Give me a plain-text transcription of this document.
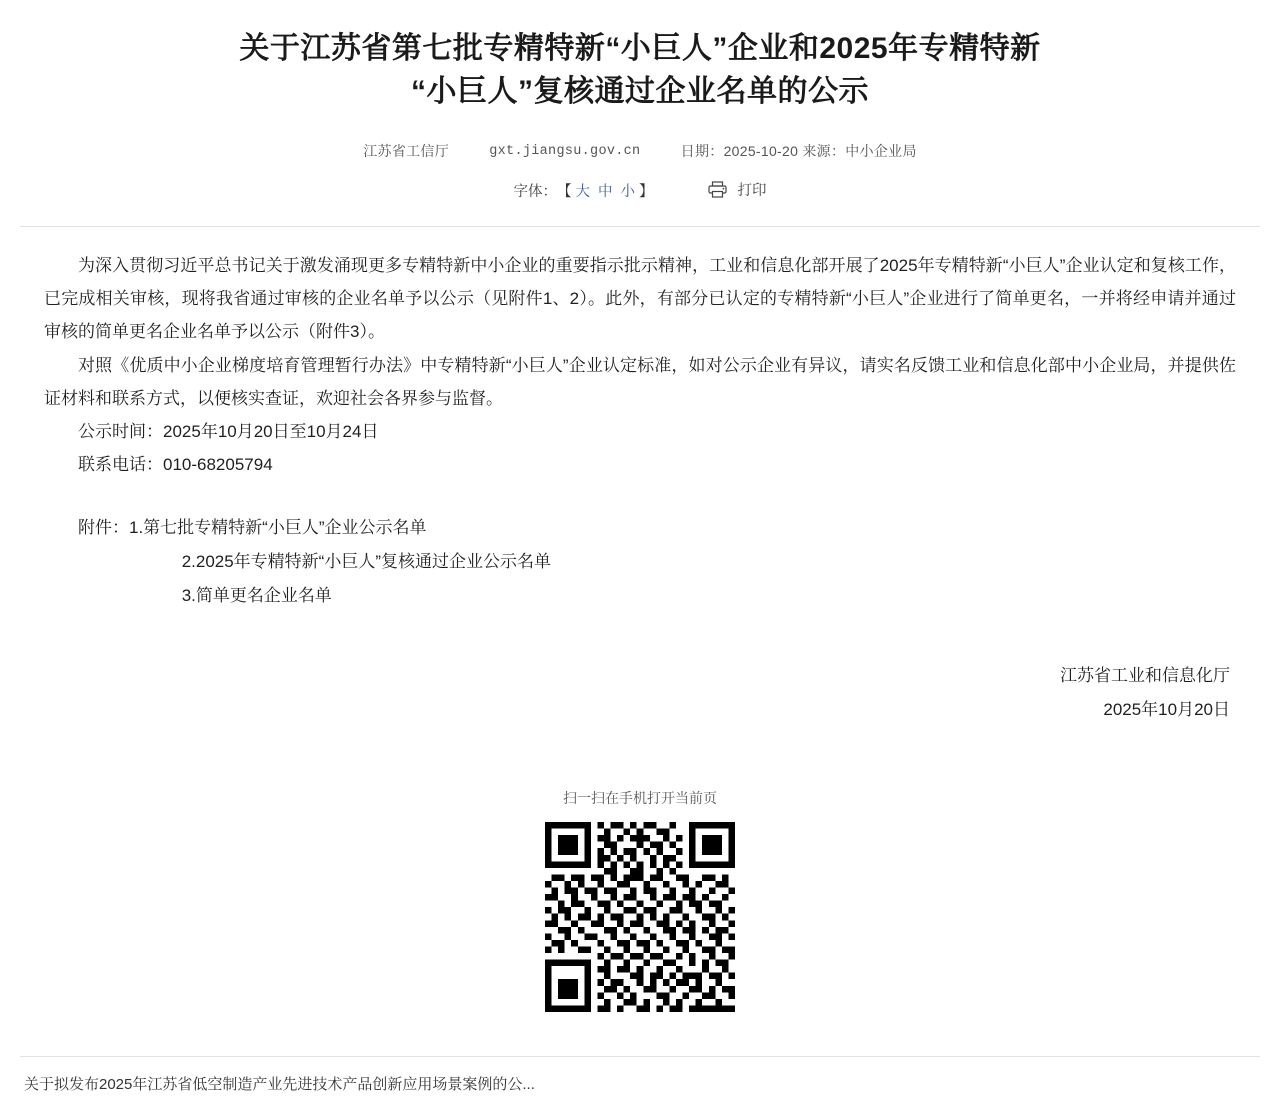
关于江苏省第七批专精特新“小巨人”企业和2025年专精特新
“小巨人”复核通过企业名单的公示
江苏省工信厅	gxt.jiangsu.gov.cn	日期：2025-10-20 来源：中小企业局
字体：【 大 中 小 】	打印

为深入贯彻习近平总书记关于激发涌现更多专精特新中小企业的重要指示批示精神，工业和信息化部开展了2025年专精特新“小巨人”企业认定和复核工作，已完成相关审核，现将我省通过审核的企业名单予以公示（见附件1、2）。此外，有部分已认定的专精特新“小巨人”企业进行了简单更名，一并将经申请并通过审核的简单更名企业名单予以公示（附件3）。

对照《优质中小企业梯度培育管理暂行办法》中专精特新“小巨人”企业认定标准，如对公示企业有异议，请实名反馈工业和信息化部中小企业局，并提供佐证材料和联系方式，以便核实查证，欢迎社会各界参与监督。

公示时间：2025年10月20日至10月24日

联系电话：010-68205794

附件：1.第七批专精特新“小巨人”企业公示名单

2.2025年专精特新“小巨人”复核通过企业公示名单

3.简单更名企业名单

江苏省工业和信息化厅
2025年10月20日
扫一扫在手机打开当前页
关于拟发布2025年江苏省低空制造产业先进技术产品创新应用场景案例的公...
